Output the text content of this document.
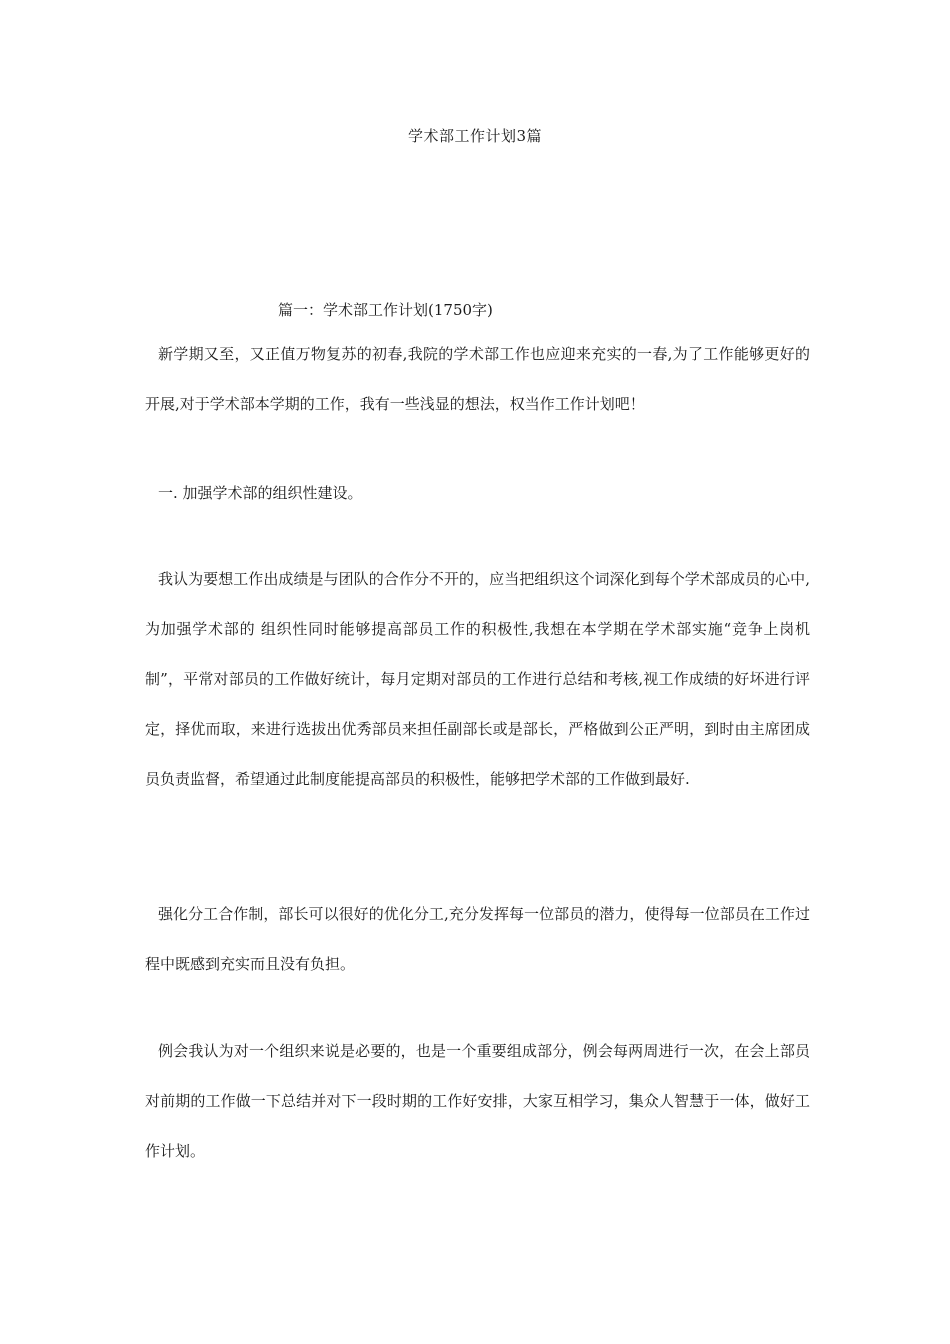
学术部工作计划3篇
篇一：学术部工作计划(1750字)

新学期又至，又正值万物复苏的初春,我院的学术部工作也应迎来充实的一春,为了工作能够更好的开展,对于学术部本学期的工作，我有一些浅显的想法，权当作工作计划吧！

一. 加强学术部的组织性建设。

我认为要想工作出成绩是与团队的合作分不开的，应当把组织这个词深化到每个学术部成员的心中,为加强学术部的 组织性同时能够提高部员工作的积极性,我想在本学期在学术部实施“竞争上岗机制”，平常对部员的工作做好统计，每月定期对部员的工作进行总结和考核,视工作成绩的好坏进行评定，择优而取，来进行选拔出优秀部员来担任副部长或是部长，严格做到公正严明，到时由主席团成员负责监督，希望通过此制度能提高部员的积极性，能够把学术部的工作做到最好.

强化分工合作制，部长可以很好的优化分工,充分发挥每一位部员的潜力，使得每一位部员在工作过程中既感到充实而且没有负担。

例会我认为对一个组织来说是必要的，也是一个重要组成部分，例会每两周进行一次，在会上部员对前期的工作做一下总结并对下一段时期的工作好安排，大家互相学习，集众人智慧于一体，做好工作计划。
